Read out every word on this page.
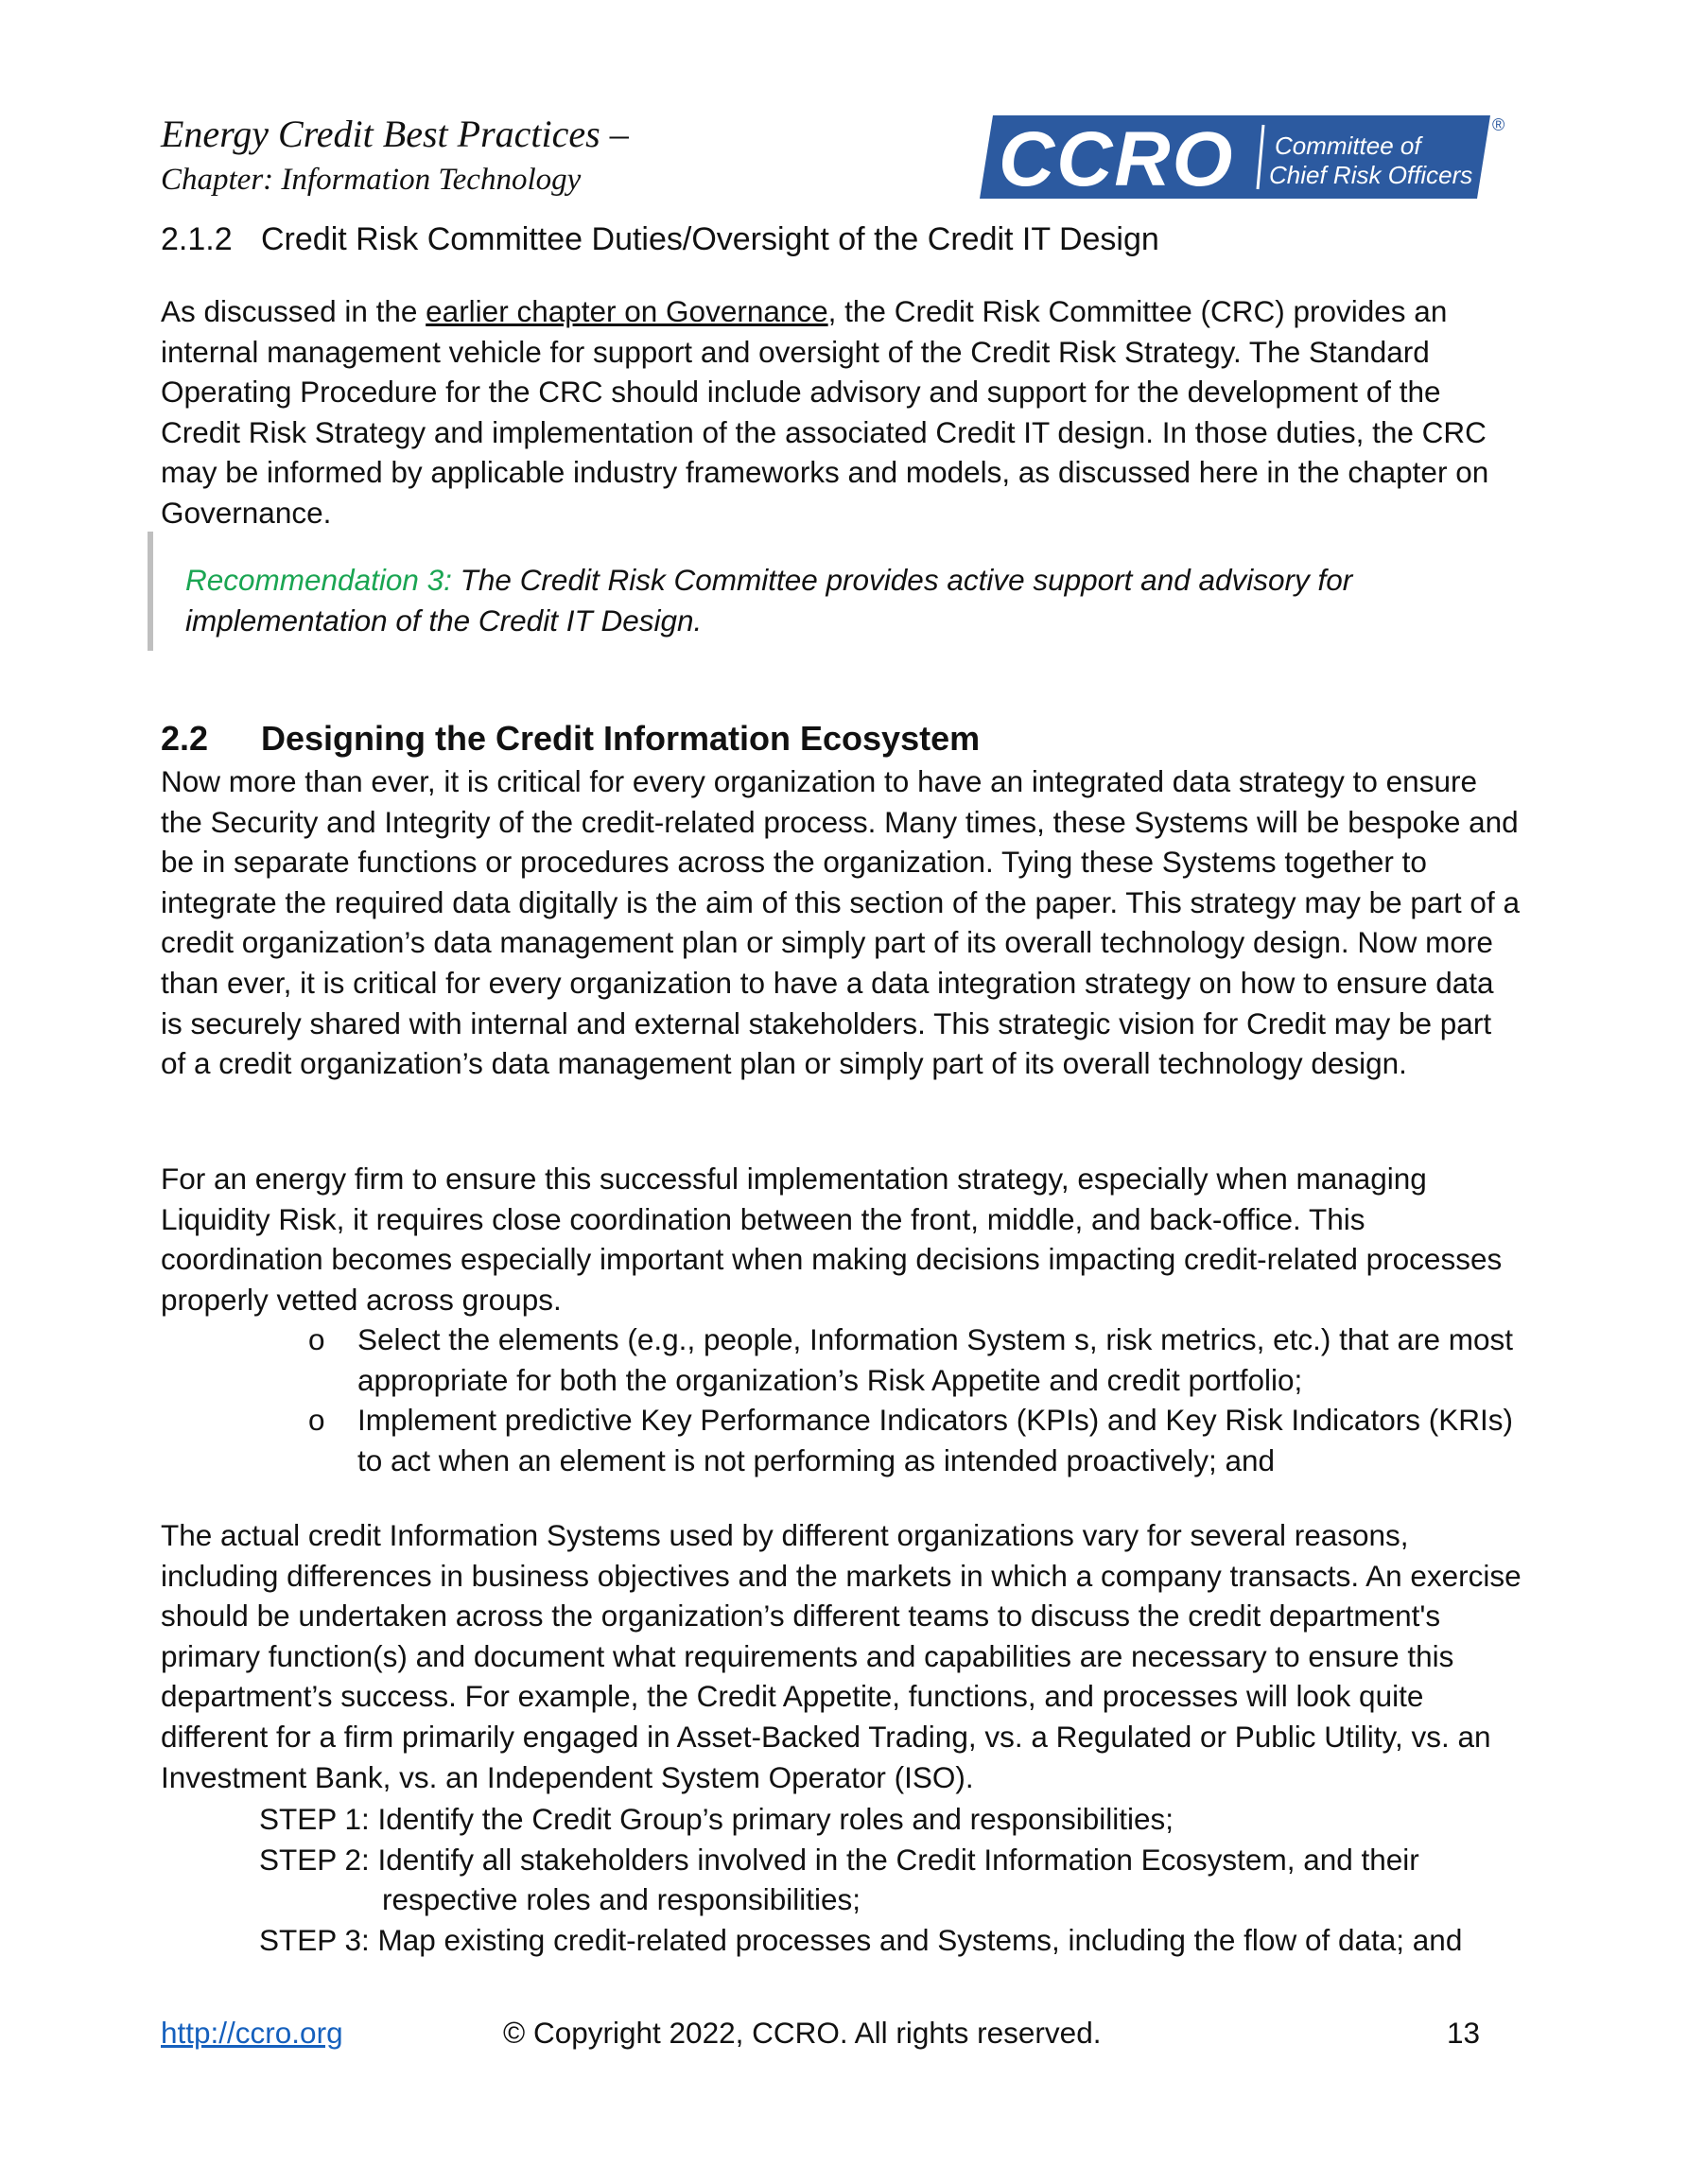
Energy Credit Best Practices –
Chapter: Information Technology	CCRO Committee of
Chief Risk Officers
®
2.1.2 Credit Risk Committee Duties/Oversight of the Credit IT Design

As discussed in the earlier chapter on Governance, the Credit Risk Committee (CRC) provides an internal management vehicle for support and oversight of the Credit Risk Strategy. The Standard Operating Procedure for the CRC should include advisory and support for the development of the Credit Risk Strategy and implementation of the associated Credit IT design. In those duties, the CRC may be informed by applicable industry frameworks and models, as discussed here in the chapter on Governance.

Recommendation 3: The Credit Risk Committee provides active support and advisory for implementation of the Credit IT Design.
2.2 Designing the Credit Information Ecosystem

Now more than ever, it is critical for every organization to have an integrated data strategy to ensure the Security and Integrity of the credit-related process. Many times, these Systems will be bespoke and be in separate functions or procedures across the organization. Tying these Systems together to integrate the required data digitally is the aim of this section of the paper. This strategy may be part of a credit organization’s data management plan or simply part of its overall technology design. Now more than ever, it is critical for every organization to have a data integration strategy on how to ensure data is securely shared with internal and external stakeholders. This strategic vision for Credit may be part of a credit organization’s data management plan or simply part of its overall technology design.

For an energy firm to ensure this successful implementation strategy, especially when managing Liquidity Risk, it requires close coordination between the front, middle, and back-office. This coordination becomes especially important when making decisions impacting credit-related processes properly vetted across groups.

o Select the elements (e.g., people, Information System s, risk metrics, etc.) that are most appropriate for both the organization’s Risk Appetite and credit portfolio;
o Implement predictive Key Performance Indicators (KPIs) and Key Risk Indicators (KRIs) to act when an element is not performing as intended proactively; and

The actual credit Information Systems used by different organizations vary for several reasons, including differences in business objectives and the markets in which a company transacts. An exercise should be undertaken across the organization’s different teams to discuss the credit department's primary function(s) and document what requirements and capabilities are necessary to ensure this department’s success. For example, the Credit Appetite, functions, and processes will look quite different for a firm primarily engaged in Asset-Backed Trading, vs. a Regulated or Public Utility, vs. an Investment Bank, vs. an Independent System Operator (ISO).

STEP 1: Identify the Credit Group’s primary roles and responsibilities;
STEP 2: Identify all stakeholders involved in the Credit Information Ecosystem, and their
respective roles and responsibilities;
STEP 3: Map existing credit-related processes and Systems, including the flow of data; and
http://ccro.org	© Copyright 2022, CCRO. All rights reserved.	13
